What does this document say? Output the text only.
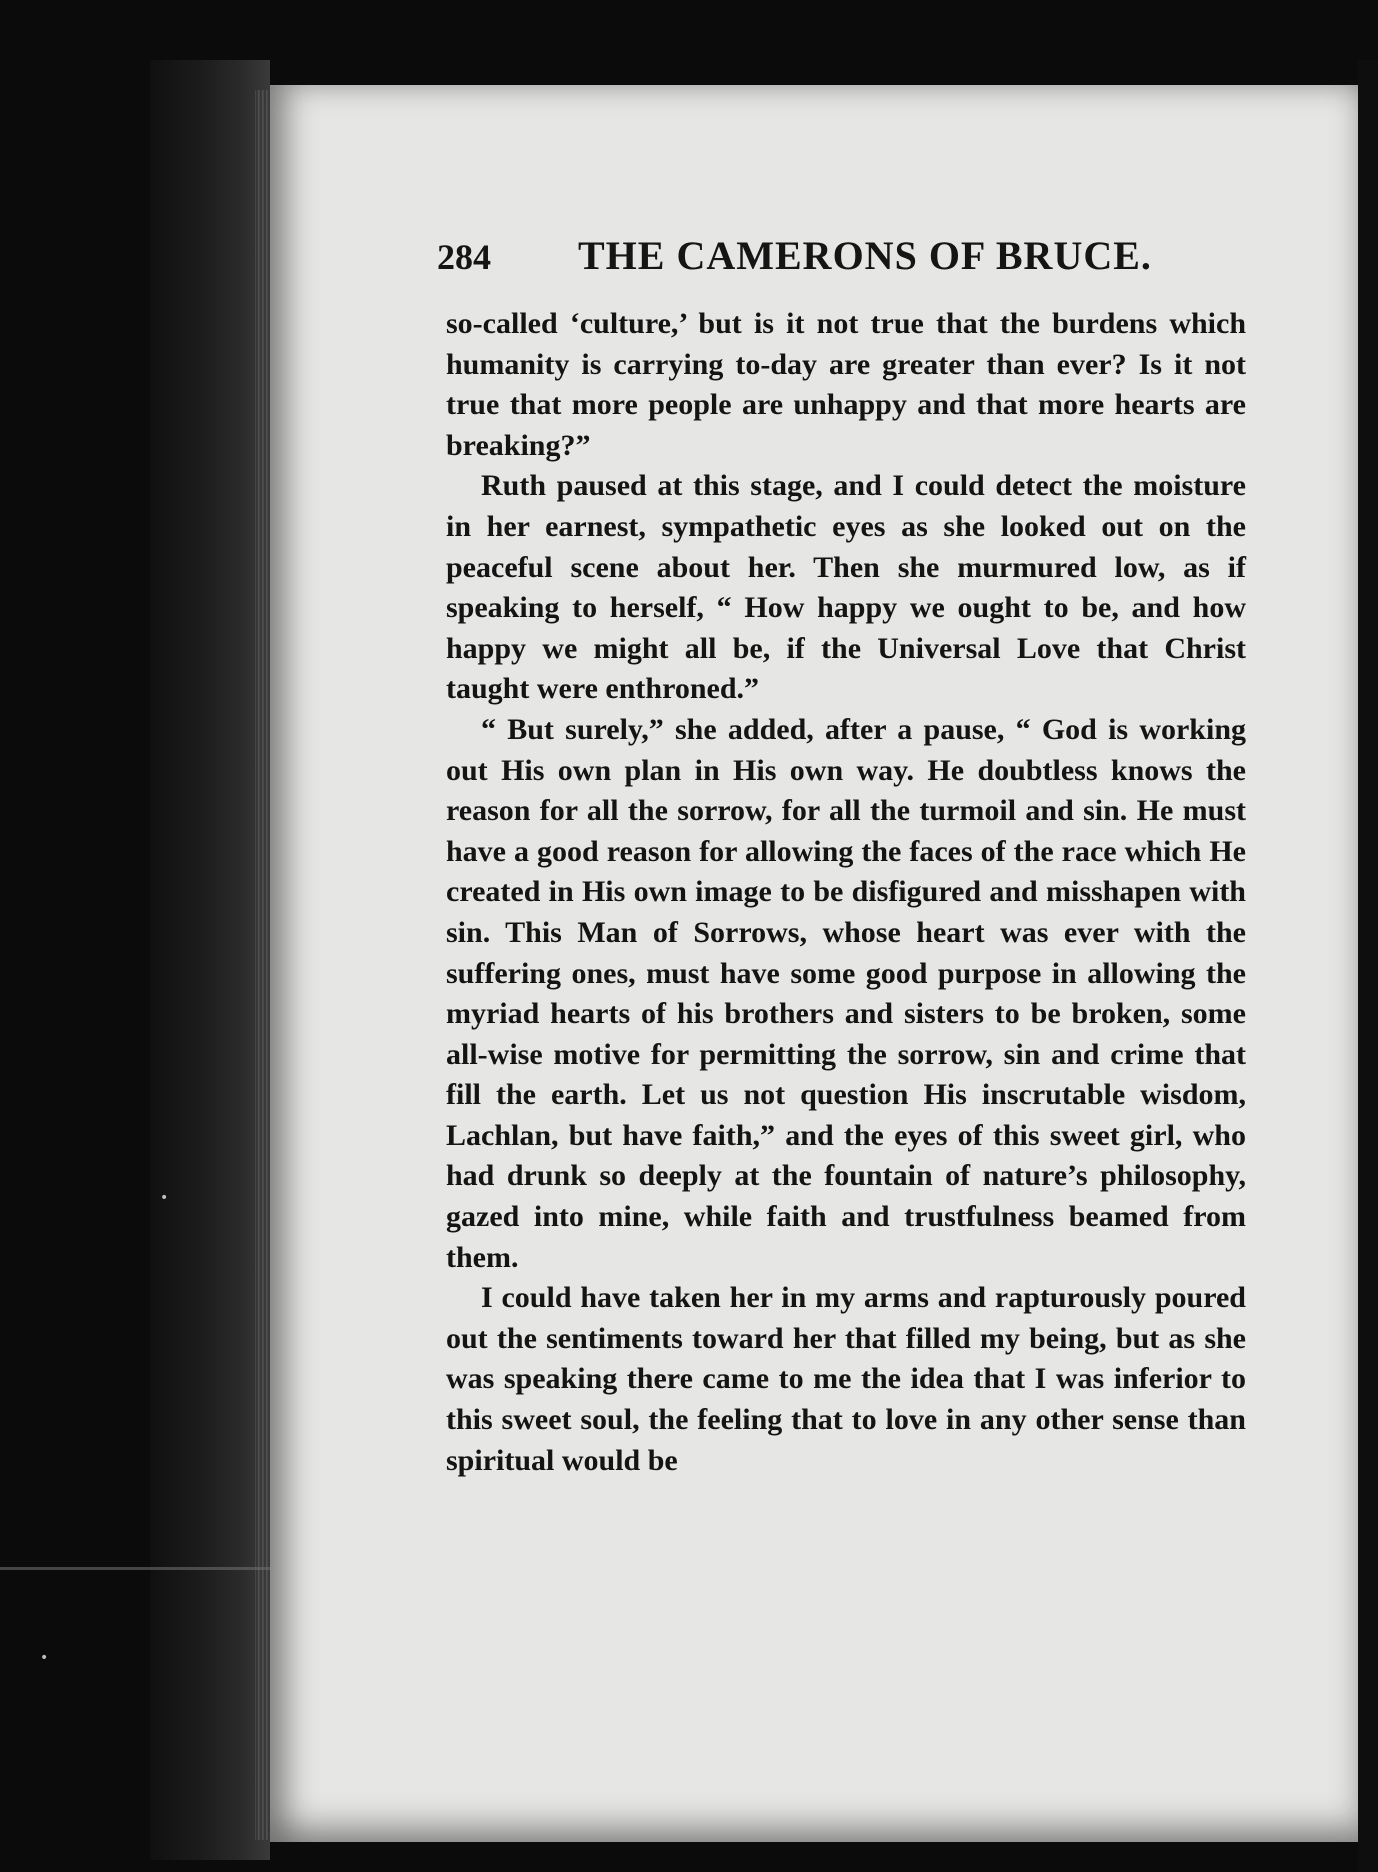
•
•
284 THE CAMERONS OF BRUCE.

so-called ‘culture,’ but is it not true that the burdens which humanity is carrying to-day are greater than ever? Is it not true that more people are unhappy and that more hearts are breaking?”

Ruth paused at this stage, and I could detect the moisture in her earnest, sympathetic eyes as she looked out on the peaceful scene about her. Then she murmured low, as if speaking to herself, “ How happy we ought to be, and how happy we might all be, if the Universal Love that Christ taught were enthroned.”

“ But surely,” she added, after a pause, “ God is working out His own plan in His own way. He doubtless knows the reason for all the sorrow, for all the turmoil and sin. He must have a good reason for allowing the faces of the race which He created in His own image to be disfigured and misshapen with sin. This Man of Sorrows, whose heart was ever with the suffering ones, must have some good purpose in allowing the myriad hearts of his brothers and sisters to be broken, some all-wise motive for permitting the sorrow, sin and crime that fill the earth. Let us not question His inscrutable wisdom, Lachlan, but have faith,” and the eyes of this sweet girl, who had drunk so deeply at the fountain of nature’s philosophy, gazed into mine, while faith and trustfulness beamed from them.

I could have taken her in my arms and rapturously poured out the sentiments toward her that filled my being, but as she was speaking there came to me the idea that I was inferior to this sweet soul, the feeling that to love in any other sense than spiritual would be
